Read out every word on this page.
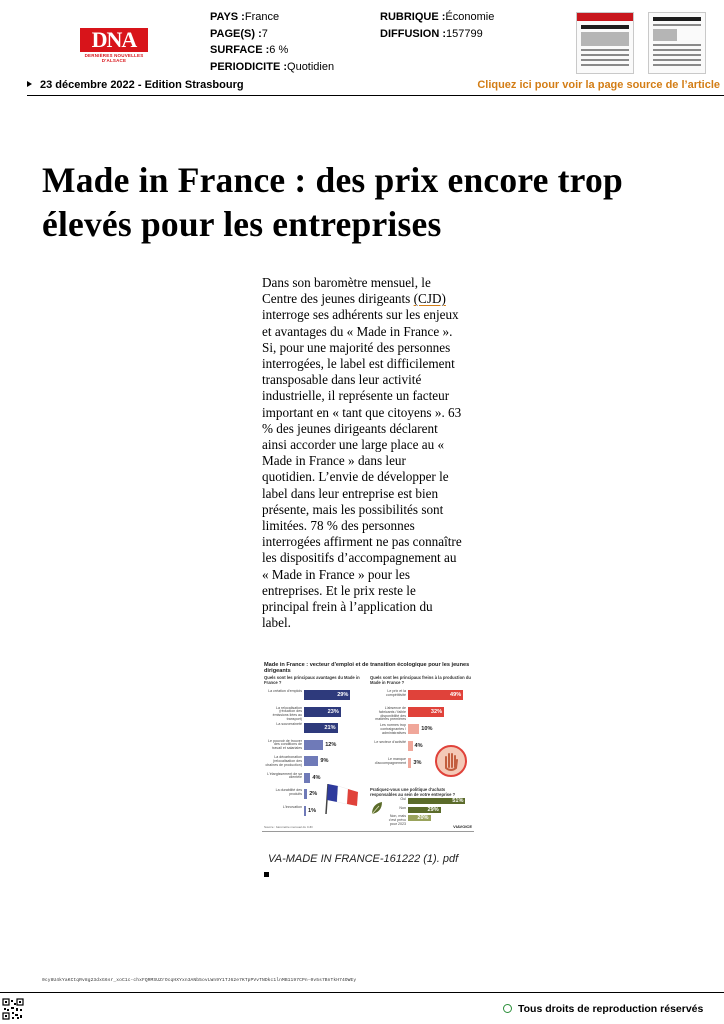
DNA
DERNIÈRES NOUVELLES D'ALSACE
PAYS :France
PAGE(S) :7
SURFACE :6 %
PERIODICITE :Quotidien
RUBRIQUE :Économie
DIFFUSION :157799
23 décembre 2022 - Edition Strasbourg	Cliquez ici pour voir la page source de l’article
Made in France : des prix encore trop élevés pour les entreprises
Dans son baromètre mensuel, le Centre des jeunes dirigeants (CJD) interroge ses adhérents sur les enjeux et avantages du « Made in France ». Si, pour une majorité des personnes interrogées, le label est difficilement transposable dans leur activité industrielle, il représente un facteur important en « tant que citoyens ». 63 % des jeunes dirigeants déclarent ainsi accorder une large place au « Made in France » dans leur quotidien. L’envie de développer le label dans leur entreprise est bien présente, mais les possibilités sont limitées. 78 % des personnes interrogées affirment ne pas connaître les dispositifs d’accompagnement au « Made in France » pour les entreprises. Et le prix reste le principal frein à l’application du label.
Made in France : vecteur d'emploi et de transition écologique pour les jeunes dirigeants
Quels sont les principaux avantages du Made in France ?
Quels sont les principaux freins à la production du Made in France ?
Pratiquez-vous une politique d'achats responsables au sein de votre entreprise ?
Source : baromètre mensuel du CJD	VIAVOICE
La création d'emplois
29%
La relocalisation (réduction des émissions liées au transport)
23%
La souveraineté
21%
Le pouvoir de trouver des conditions de travail et salariales
12%
La décarbonation (relocalisation des chaînes de production)
9%
L'élargissement de sa clientèle 4%
La durabilité des produits 2%
L'innovation
1%
Le prix et la compétitivité	49%
L'absence de fabricants / faible disponibilité des matières premières
32%
Les normes trop contraignantes / administratives
10%
Le secteur d'activité
4%
Le manque d'accompagnement 3%
Oui	51%
Non	29%
Non, mais c'est prévu pour 2023
20%
VA-MADE IN FRANCE-161222 (1). pdf
0cy8U4kYaKCtqRv8g23dxG6sr_xoC1c-chxFQRMSUZrOcqHXYxn3ANb5ovLWn9Y1TJ62e7KTpPVvTNDkc1lnMB1197CPn-0v5s7BnTkH74OWEy
Tous droits de reproduction réservés
